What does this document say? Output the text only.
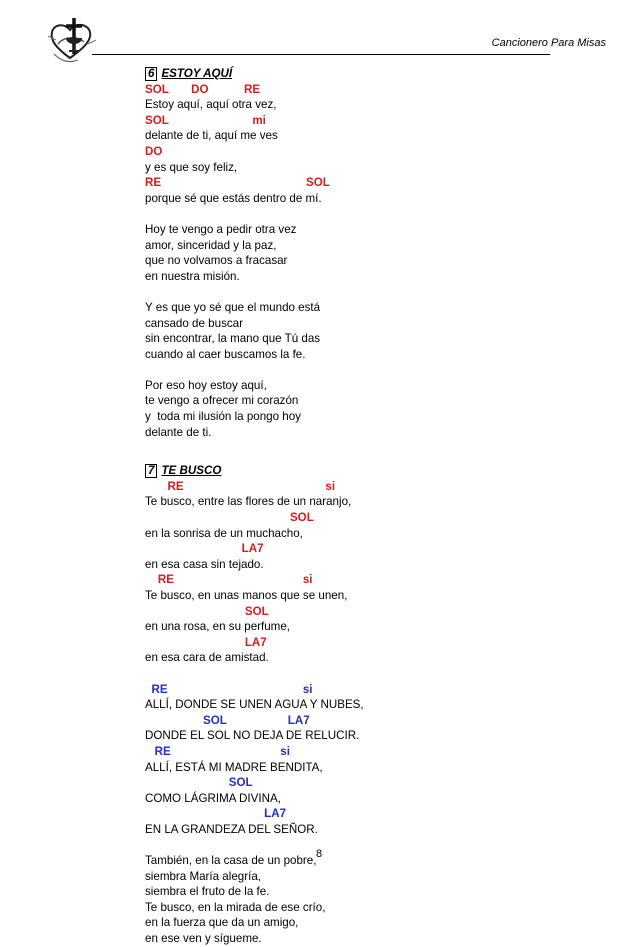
Cancionero Para Misas
6 ESTOY AQUÍ
SOL       DO           RE
Estoy aquí, aquí otra vez,
SOL                          mi
delante de ti, aquí me ves
DO
y es que soy feliz,
RE                                             SOL
porque sé que estás dentro de mí.
Hoy te vengo a pedir otra vez
amor, sinceridad y la paz,
que no volvamos a fracasar
en nuestra misión.
Y es que yo sé que el mundo está
cansado de buscar
sin encontrar, la mano que Tú das
cuando al caer buscamos la fe.
Por eso hoy estoy aquí,
te vengo a ofrecer mi corazón
y  toda mi ilusión la pongo hoy
delante de ti.
7 TE BUSCO
RE                                            si
Te busco, entre las flores de un naranjo,
SOL
en la sonrisa de un muchacho,
LA7
en esa casa sin tejado.
RE                                        si
Te busco, en unas manos que se unen,
SOL
en una rosa, en su perfume,
LA7
en esa cara de amistad.
RE                                          si
ALLÍ, DONDE SE UNEN AGUA Y NUBES,
SOL                   LA7
DONDE EL SOL NO DEJA DE RELUCIR.
RE                                  si
ALLÍ, ESTÁ MI MADRE BENDITA,
SOL
COMO LÁGRIMA DIVINA,
LA7
EN LA GRANDEZA DEL SEÑOR.
También, en la casa de un pobre,
siembra María alegría,
siembra el fruto de la fe.
Te busco, en la mirada de ese crío,
en la fuerza que da un amigo,
en ese ven y sígueme.
8
